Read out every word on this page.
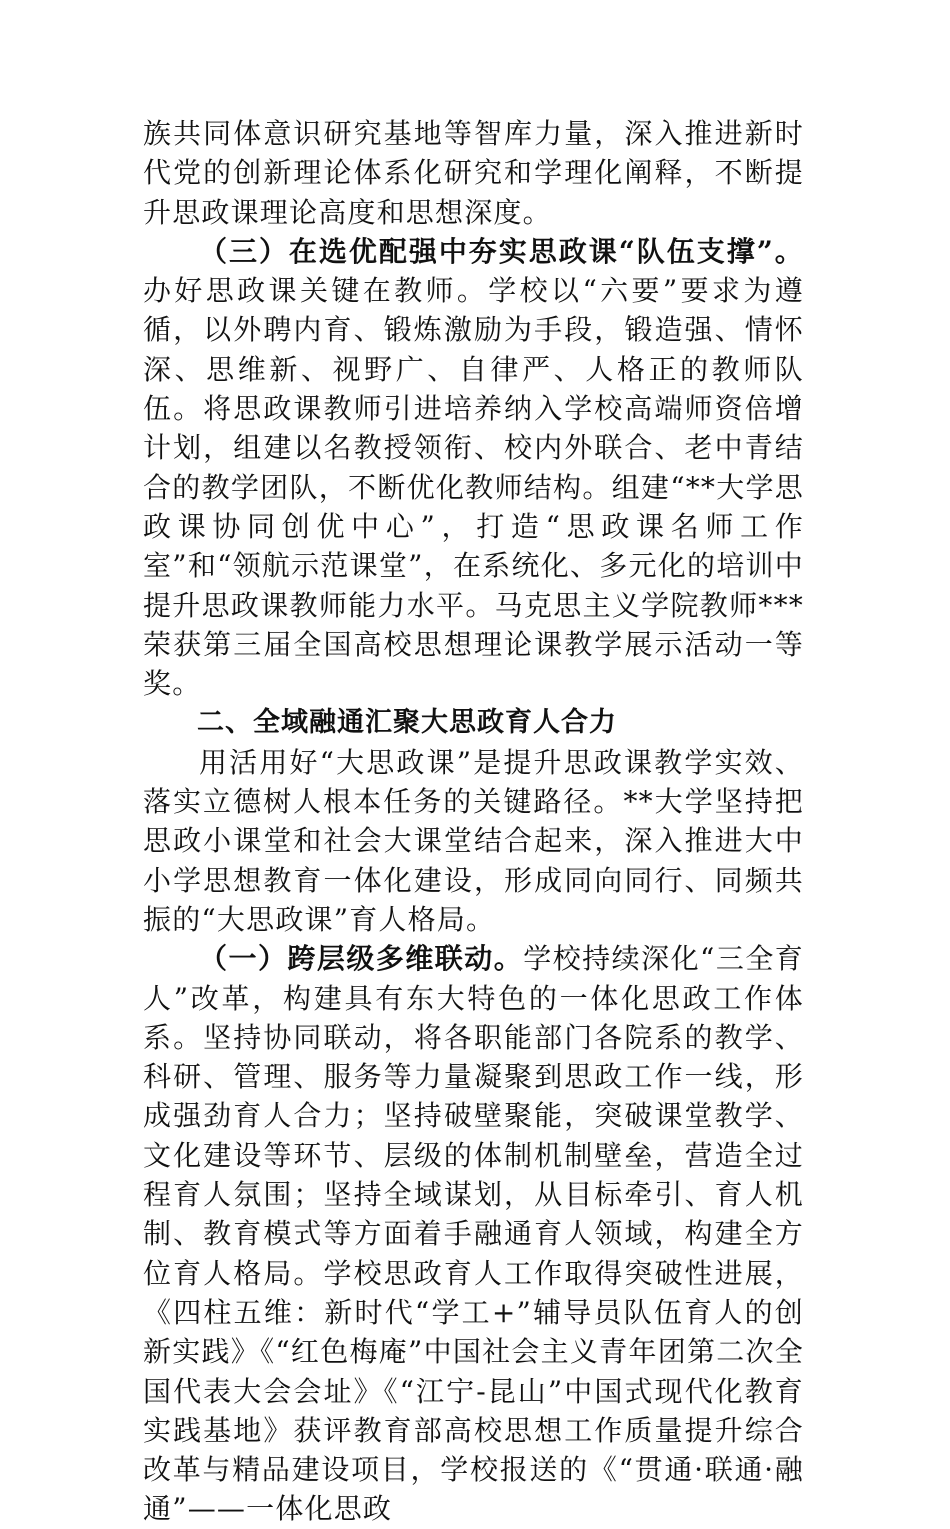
族共同体意识研究基地等智库力量，深入推进新时代党的创新理论体系化研究和学理化阐释，不断提升思政课理论高度和思想深度。

（三）在选优配强中夯实思政课“队伍支撑”。办好思政课关键在教师。学校以“六要”要求为遵循，以外聘内育、锻炼激励为手段，锻造强、情怀深、思维新、视野广、自律严、人格正的教师队伍。将思政课教师引进培养纳入学校高端师资倍增计划，组建以名教授领衔、校内外联合、老中青结合的教学团队，不断优化教师结构。组建“**大学思政课协同创优中心”，打造“思政课名师工作室”和“领航示范课堂”，在系统化、多元化的培训中提升思政课教师能力水平。马克思主义学院教师***荣获第三届全国高校思想理论课教学展示活动一等奖。

二、全域融通汇聚大思政育人合力

用活用好“大思政课”是提升思政课教学实效、落实立德树人根本任务的关键路径。**大学坚持把思政小课堂和社会大课堂结合起来，深入推进大中小学思想教育一体化建设，形成同向同行、同频共振的“大思政课”育人格局。

（一）跨层级多维联动。学校持续深化“三全育人”改革，构建具有东大特色的一体化思政工作体系。坚持协同联动，将各职能部门各院系的教学、科研、管理、服务等力量凝聚到思政工作一线，形成强劲育人合力；坚持破壁聚能，突破课堂教学、文化建设等环节、层级的体制机制壁垒，营造全过程育人氛围；坚持全域谋划，从目标牵引、育人机制、教育模式等方面着手融通育人领域，构建全方位育人格局。学校思政育人工作取得突破性进展，《四柱五维：新时代“学工+”辅导员队伍育人的创新实践》《“红色梅庵”中国社会主义青年团第二次全国代表大会会址》《“江宁-昆山”中国式现代化教育实践基地》获评教育部高校思想工作质量提升综合改革与精品建设项目，学校报送的《“贯通·联通·融通”——一体化思政
